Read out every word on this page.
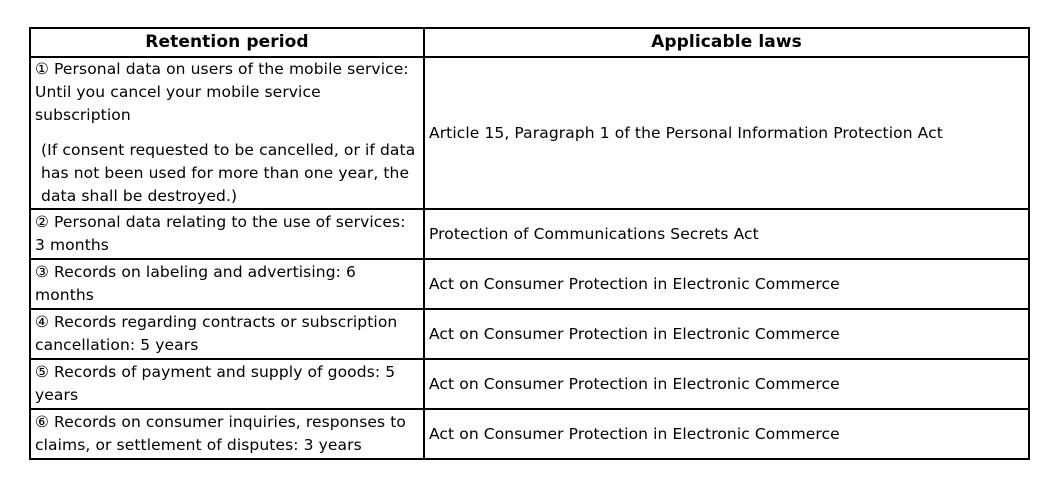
Retention period	Applicable laws

① Personal data on users of the mobile service: Until you cancel your mobile service subscription
(If consent requested to be cancelled, or if data has not been used for more than one year, the data shall be destroyed.)	Article 15, Paragraph 1 of the Personal Information Protection Act
② Personal data relating to the use of services: 3 months	Protection of Communications Secrets Act
③ Records on labeling and advertising: 6 months	Act on Consumer Protection in Electronic Commerce
④ Records regarding contracts or subscription cancellation: 5 years	Act on Consumer Protection in Electronic Commerce
⑤ Records of payment and supply of goods: 5 years	Act on Consumer Protection in Electronic Commerce
⑥ Records on consumer inquiries, responses to claims, or settlement of disputes: 3 years	Act on Consumer Protection in Electronic Commerce
